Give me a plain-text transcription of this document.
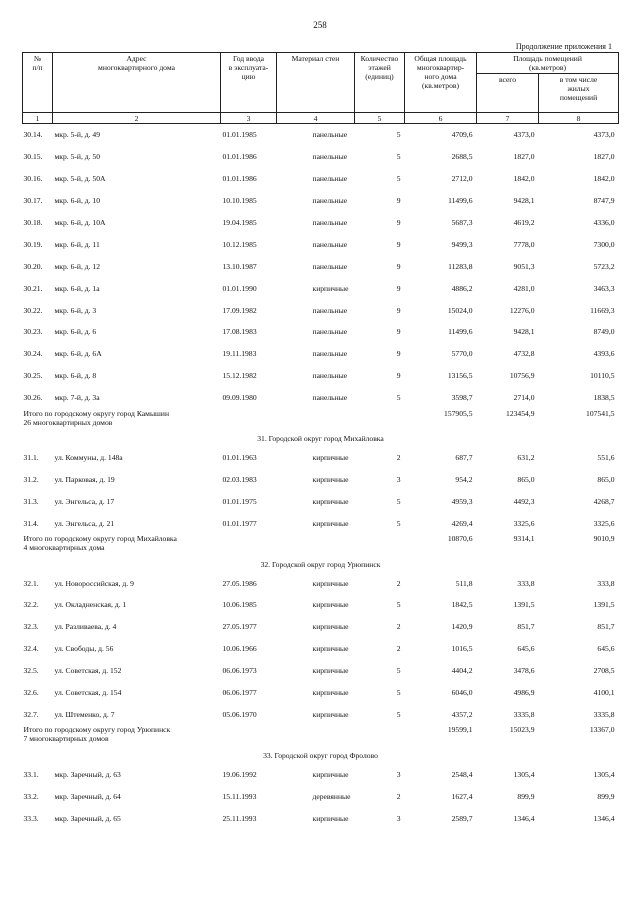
258
Продолжение приложения 1
№
п/п	Адрес
многоквартирного дома	Год ввода
в эксплуата-
цию	Материал стен	Количество
этажей
(единиц)	Общая площадь
многоквартир-
ного дома
(кв.метров)	Площадь помещений
(кв.метров)	
						всего	в том числе
жилых
помещений
1	2	3	4	5	6	7	8
30.14.	мкр. 5-й, д. 49	01.01.1985	панельные	5	4709,6	4373,0	4373,0
30.15.	мкр. 5-й, д. 50	01.01.1986	панельные	5	2688,5	1827,0	1827,0
30.16.	мкр. 5-й, д. 50А	01.01.1986	панельные	5	2712,0	1842,0	1842,0
30.17.	мкр. 6-й, д. 10	10.10.1985	панельные	9	11499,6	9428,1	8747,9
30.18.	мкр. 6-й, д. 10А	19.04.1985	панельные	9	5687,3	4619,2	4336,0
30.19.	мкр. 6-й, д. 11	10.12.1985	панельные	9	9499,3	7778,0	7300,0
30.20.	мкр. 6-й, д. 12	13.10.1987	панельные	9	11283,8	9051,3	5723,2
30.21.	мкр. 6-й, д. 1а	01.01.1990	кирпичные	9	4886,2	4281,0	3463,3
30.22.	мкр. 6-й, д. 3	17.09.1982	панельные	9	15024,0	12276,0	11669,3
30.23.	мкр. 6-й, д. 6	17.08.1983	панельные	9	11499,6	9428,1	8749,0
30.24.	мкр. 6-й, д. 6А	19.11.1983	панельные	9	5770,0	4732,8	4393,6
30.25.	мкр. 6-й, д. 8	15.12.1982	панельные	9	13156,5	10756,9	10110,5
30.26.	мкр. 7-й, д. 3а	09.09.1980	панельные	5	3598,7	2714,0	1838,5

Итого по городскому округу город Камышин
26 многоквартирных домов					157905,5	123454,9	107541,5
31. Городской округ город Михайловка							
31.1.	ул. Коммуны, д. 148а	01.01.1963	кирпичные	2	687,7	631,2	551,6
31.2.	ул. Парковая, д. 19	02.03.1983	кирпичные	3	954,2	865,0	865,0
31.3.	ул. Энгельса, д. 17	01.01.1975	кирпичные	5	4959,3	4492,3	4268,7
31.4.	ул. Энгельса, д. 21	01.01.1977	кирпичные	5	4269,4	3325,6	3325,6

Итого по городскому округу город Михайловка
4 многоквартирных дома					10870,6	9314,1	9010,9
32. Городской округ город Урюпинск							
32.1.	ул. Новороссийская, д. 9	27.05.1986	кирпичные	2	511,8	333,8	333,8
32.2.	ул. Окладненская, д. 1	10.06.1985	кирпичные	5	1842,5	1391,5	1391,5
32.3.	ул. Разливаева, д. 4	27.05.1977	кирпичные	2	1420,9	851,7	851,7
32.4.	ул. Свободы, д. 56	10.06.1966	кирпичные	2	1016,5	645,6	645,6
32.5.	ул. Советская, д. 152	06.06.1973	кирпичные	5	4404,2	3478,6	2708,5
32.6.	ул. Советская, д. 154	06.06.1977	кирпичные	5	6046,0	4986,9	4100,1
32.7.	ул. Штеменко, д. 7	05.06.1970	кирпичные	5	4357,2	3335,8	3335,8

Итого по городскому округу город Урюпинск
7 многоквартирных домов					19599,1	15023,9	13367,0
33. Городской округ город Фролово							
33.1.	мкр. Заречный, д. 63	19.06.1992	кирпичные	3	2548,4	1305,4	1305,4
33.2.	мкр. Заречный, д. 64	15.11.1993	деревянные	2	1627,4	899,9	899,9
33.3.	мкр. Заречный, д. 65	25.11.1993	кирпичные	3	2589,7	1346,4	1346,4
